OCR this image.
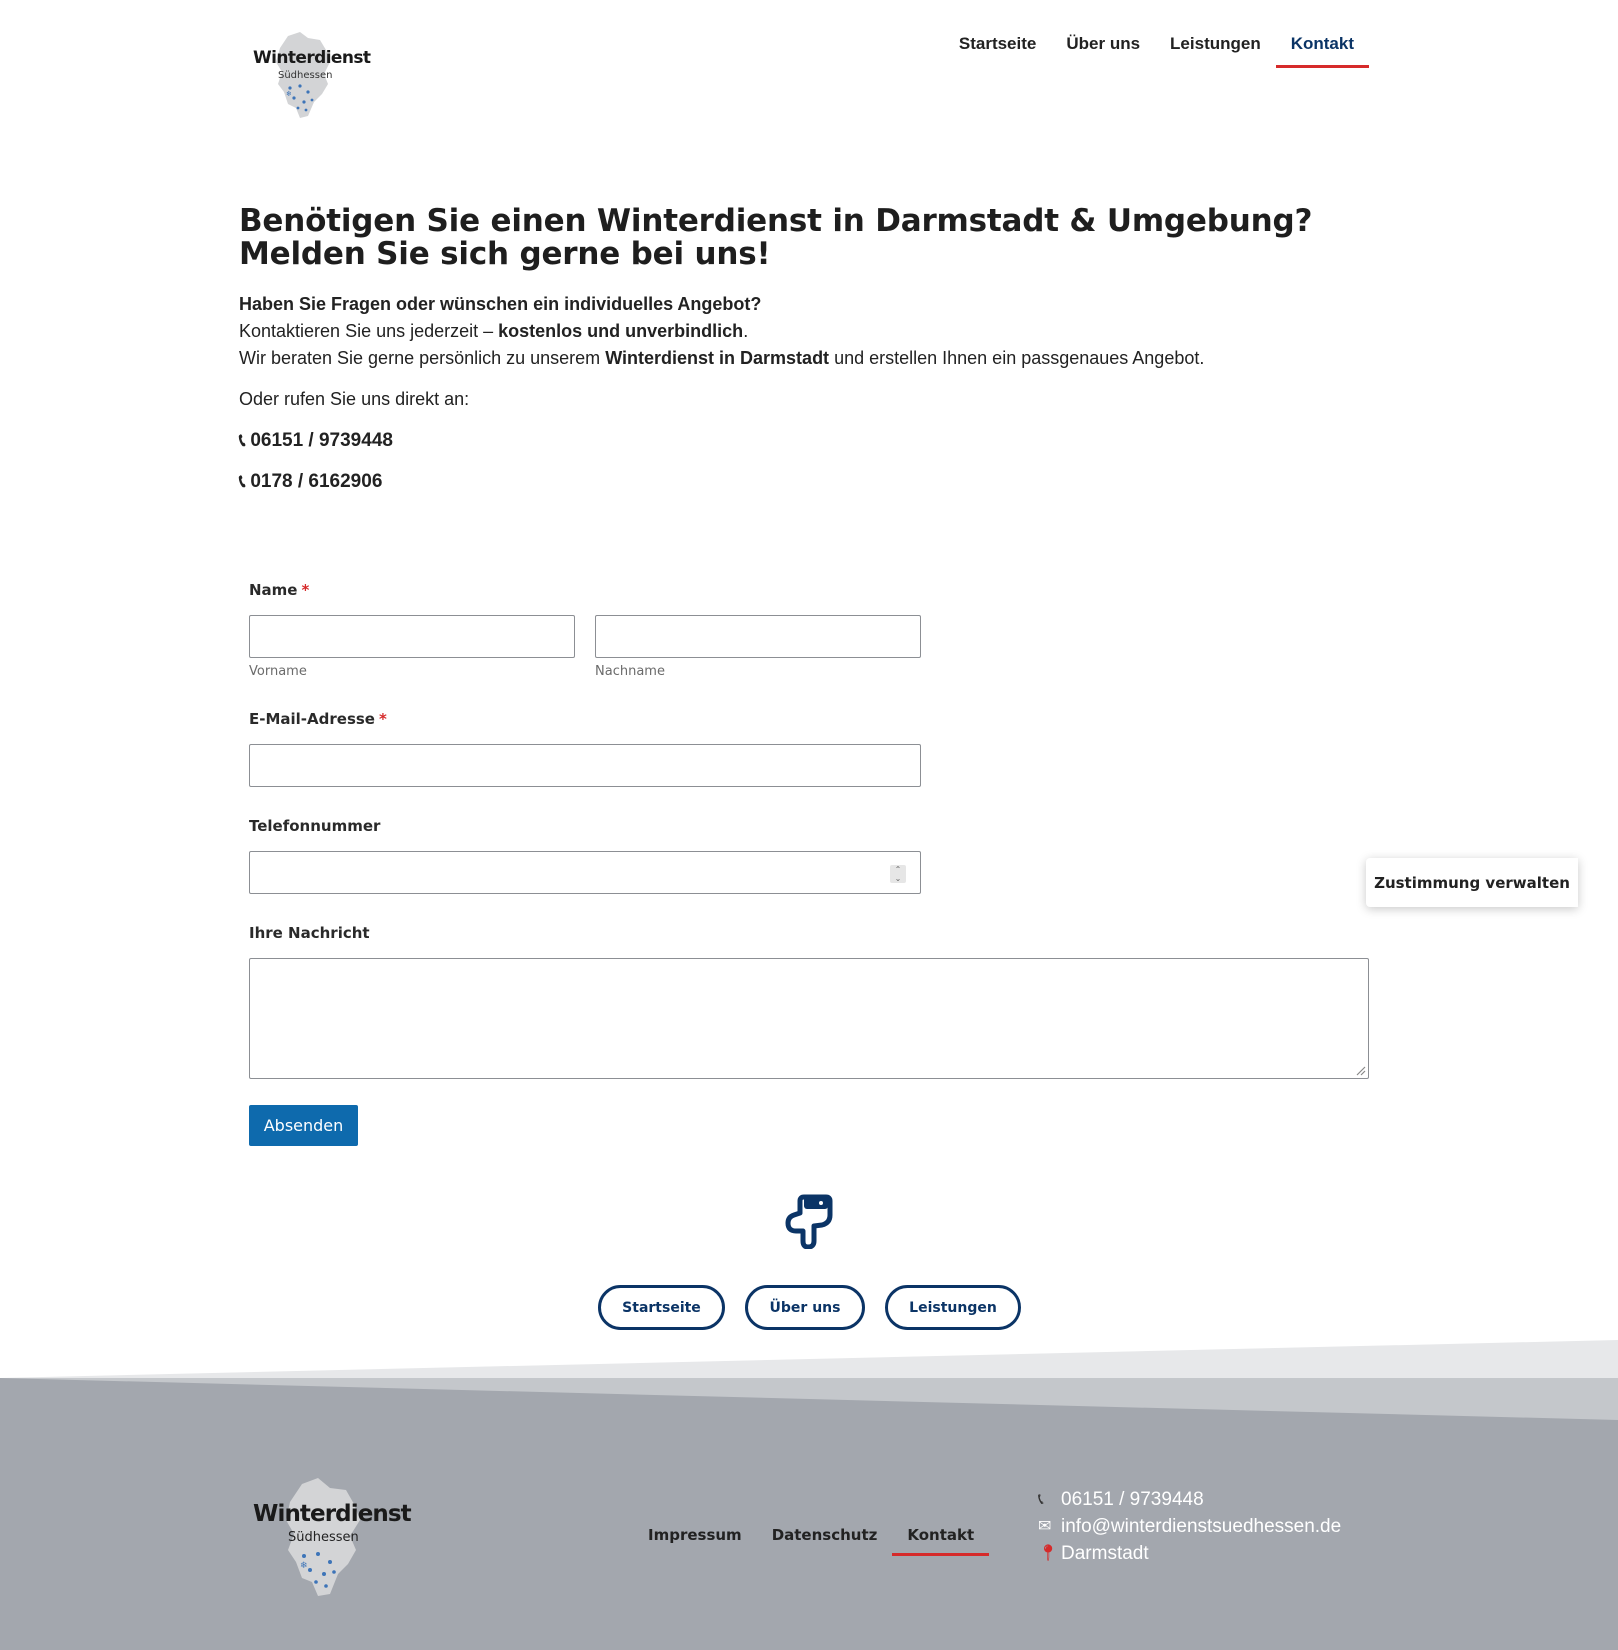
❄
Winterdienst
Südhessen
Startseite	Über uns	Leistungen	Kontakt
Benötigen Sie einen Winterdienst in Darmstadt & Umgebung?
Melden Sie sich gerne bei uns!

Haben Sie Fragen oder wünschen ein individuelles Angebot?
Kontaktieren Sie uns jederzeit – kostenlos und unverbindlich.
Wir beraten Sie gerne persönlich zu unserem Winterdienst in Darmstadt und erstellen Ihnen ein passgenaues Angebot.

Oder rufen Sie uns direkt an:

📞︎ 06151 / 9739448

📞︎ 0178 / 6162906

Name *
Vorname	Nachname
E-Mail-Adresse *
Telefonnummer
⌃
⌄
Ihre Nachricht
Absenden
Zustimmung verwalten
Startseite	Über uns	Leistungen
❄
Winterdienst
Südhessen	Impressum	Datenschutz	Kontakt
📞︎ 06151 / 9739448
✉︎ info@winterdienstsuedhessen.de
📍︎ Darmstadt
